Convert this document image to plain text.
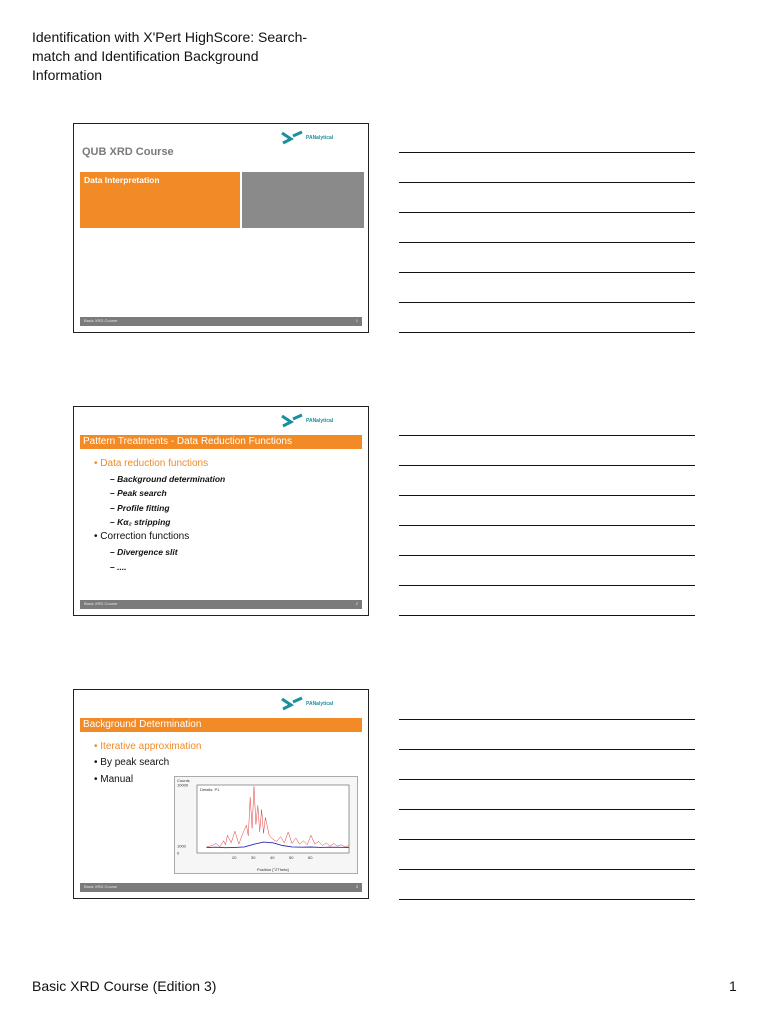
Identification with X'Pert HighScore: Search-match and Identification Background Information
PANalytical
QUB XRD Course
Data Interpretation
Basic XRD Course	1
PANalytical
Pattern Treatments - Data Reduction Functions
• Data reduction functions
– Background determination
– Peak search
– Profile fitting
– Kα₂ stripping
• Correction functions
– Divergence slit
– ....
Basic XRD Course	2
PANalytical
Background Determination
• Iterative approximation
• By peak search
• Manual	Counts
Position [°2Theta]
Details: P1
20	30	40	50	60
0
1000
10000
Basic XRD Course	3
Basic XRD Course (Edition 3)	1
